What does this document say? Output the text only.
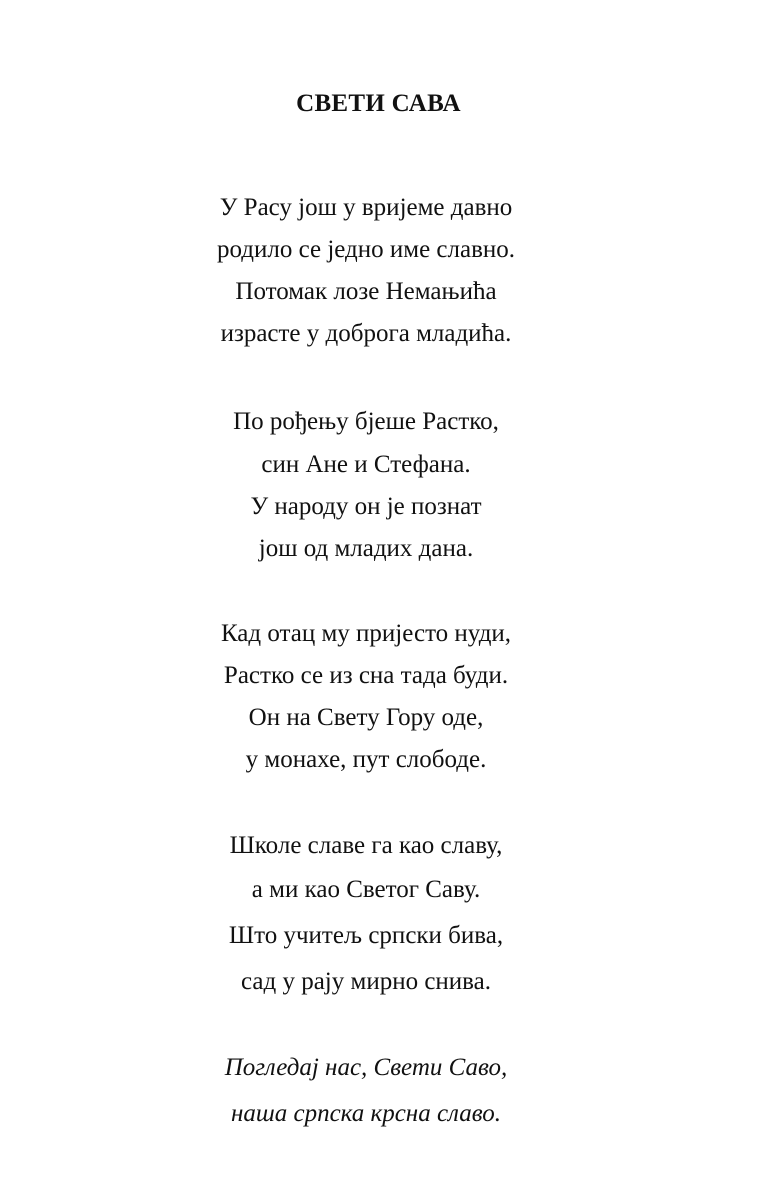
СВЕТИ САВА
У Расу још у вријеме давно
родило се једно име славно.
Потомак лозе Немањића
израсте у доброга младића.
По рођењу бјеше Растко,
син Ане и Стефана.
У народу он је познат
још од младих дана.
Кад отац му пријесто нуди,
Растко се из сна тада буди.
Он на Свету Гору оде,
у монахе, пут слободе.
Школе славе га као славу,
а ми као Светог Саву.
Што учитељ српски бива,
сад у рају мирно снива.
Погледај нас, Свети Саво,
наша српска крсна славо.
